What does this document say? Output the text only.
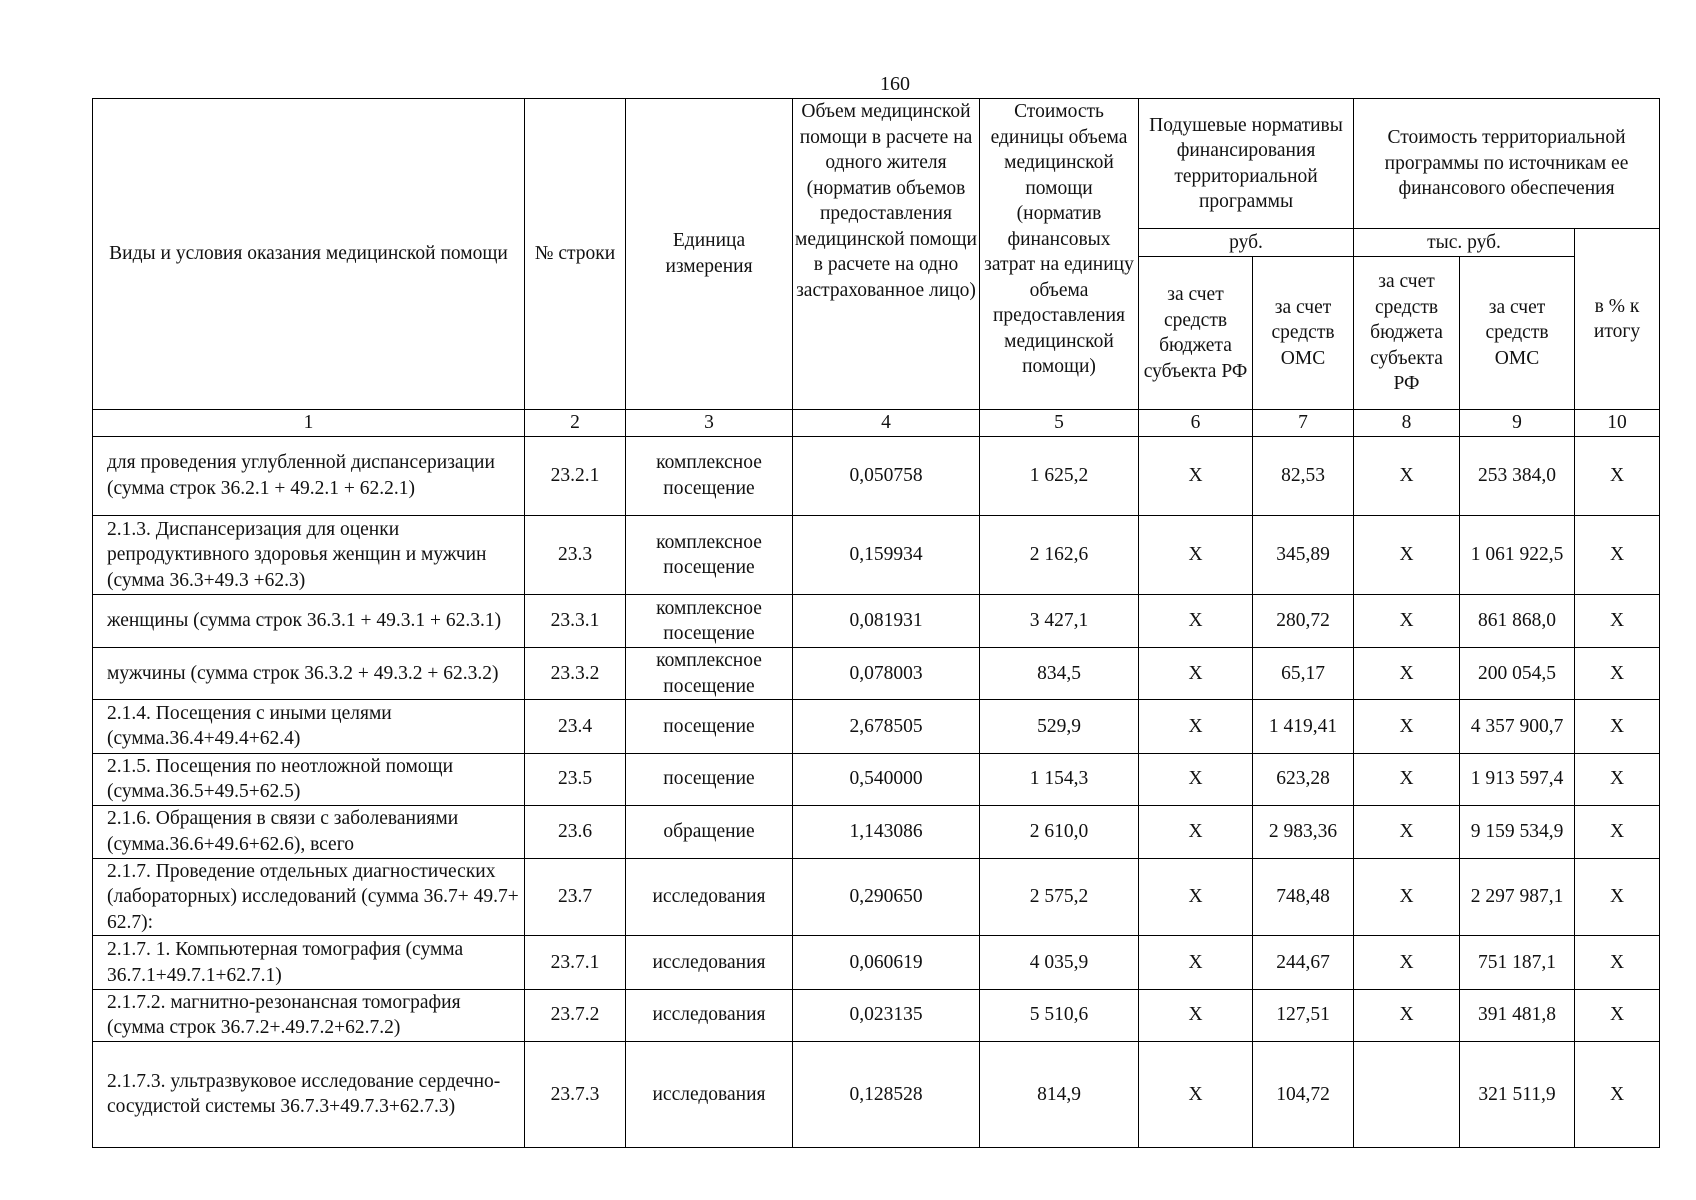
160
Виды и условия оказания медицинской помощи	№ строки	Единица измерения	Объем медицинской помощи в расчете на одного жителя (норматив объемов предоставления медицинской помощи в расчете на одно застрахованное лицо)	Стоимость единицы объема медицинской помощи (норматив финансовых затрат на единицу объема предоставления медицинской помощи)	Подушевые нормативы финансирования территориальной программы		Стоимость территориальной программы по источникам ее финансового обеспечения		
					руб.		тыс. руб.		в % к итогу
					за счет средств бюджета субъекта РФ	за счет средств ОМС	за счет средств бюджета субъекта РФ	за счет средств ОМС	
1	2	3	4	5	6	7	8	9	10
для проведения углубленной диспансеризации (сумма строк 36.2.1 + 49.2.1 + 62.2.1)	23.2.1	комплексное посещение	0,050758	1 625,2	Х	82,53	Х	253 384,0	Х
2.1.3. Диспансеризация для оценки репродуктивного здоровья женщин и мужчин (сумма 36.3+49.3 +62.3)	23.3	комплексное посещение	0,159934	2 162,6	Х	345,89	Х	1 061 922,5	Х
женщины (сумма строк 36.3.1 + 49.3.1 + 62.3.1)	23.3.1	комплексное посещение	0,081931	3 427,1	Х	280,72	Х	861 868,0	Х
мужчины (сумма строк 36.3.2 + 49.3.2 + 62.3.2)	23.3.2	комплексное посещение	0,078003	834,5	Х	65,17	Х	200 054,5	Х
2.1.4. Посещения с иными целями (сумма.36.4+49.4+62.4)	23.4	посещение	2,678505	529,9	Х	1 419,41	Х	4 357 900,7	Х
2.1.5. Посещения по неотложной помощи (сумма.36.5+49.5+62.5)	23.5	посещение	0,540000	1 154,3	Х	623,28	Х	1 913 597,4	Х
2.1.6. Обращения в связи с заболеваниями (сумма.36.6+49.6+62.6), всего	23.6	обращение	1,143086	2 610,0	Х	2 983,36	Х	9 159 534,9	Х
2.1.7. Проведение отдельных диагностических (лабораторных) исследований (сумма 36.7+ 49.7+ 62.7):	23.7	исследования	0,290650	2 575,2	Х	748,48	Х	2 297 987,1	Х
2.1.7. 1. Компьютерная томография (сумма 36.7.1+49.7.1+62.7.1)	23.7.1	исследования	0,060619	4 035,9	Х	244,67	Х	751 187,1	Х
2.1.7.2. магнитно-резонансная томография (сумма строк 36.7.2+.49.7.2+62.7.2)	23.7.2	исследования	0,023135	5 510,6	Х	127,51	Х	391 481,8	Х
2.1.7.3. ультразвуковое исследование сердечно-сосудистой системы 36.7.3+49.7.3+62.7.3)	23.7.3	исследования	0,128528	814,9	Х	104,72		321 511,9	Х
